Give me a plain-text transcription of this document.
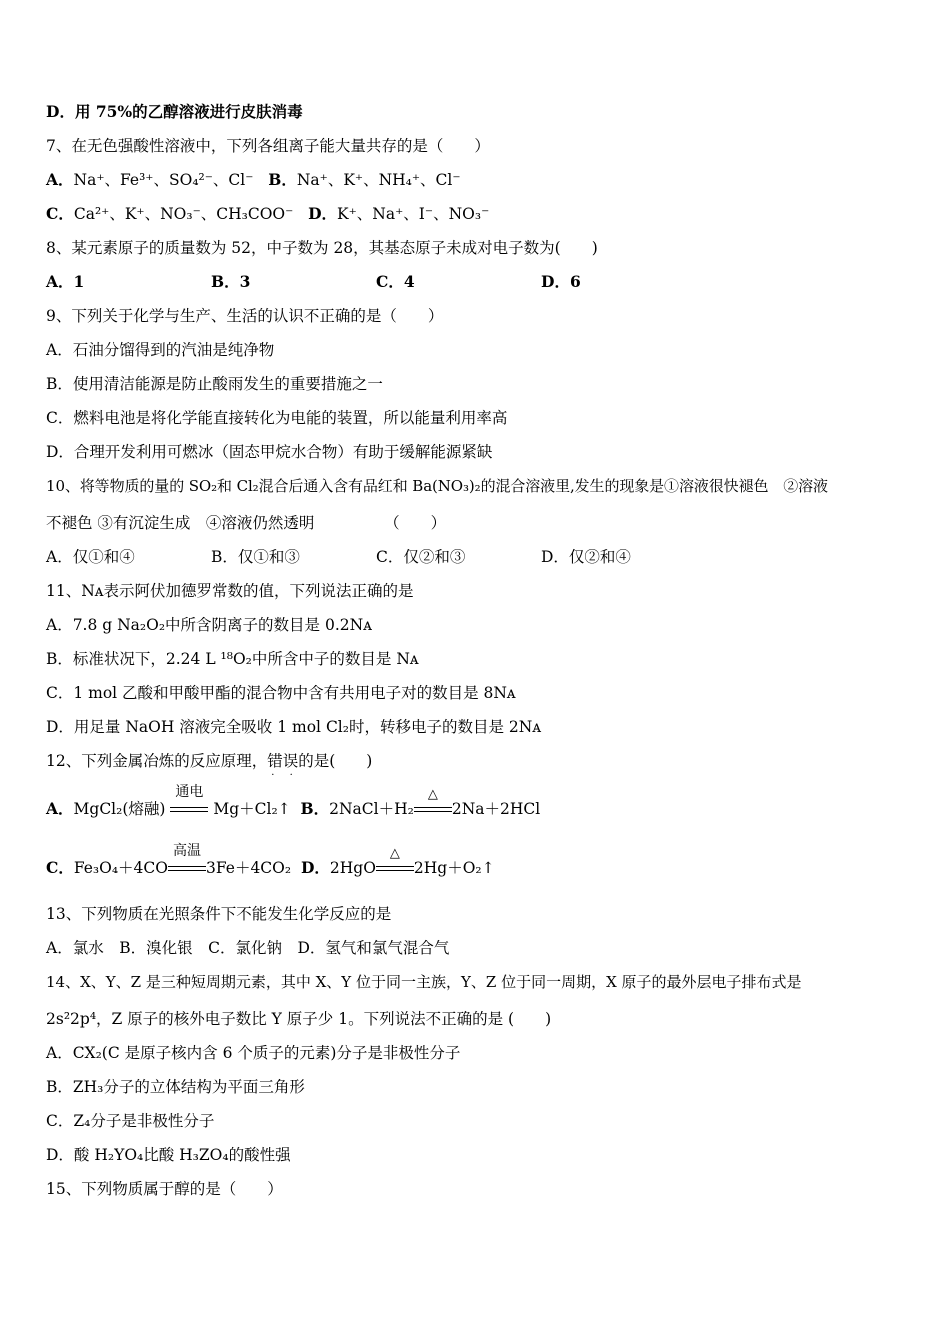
D．用 75%的乙醇溶液进行皮肤消毒
7、在无色强酸性溶液中，下列各组离子能大量共存的是（　　）
A．Na⁺、Fe³⁺、SO₄²⁻、Cl⁻ B．Na⁺、K⁺、NH₄⁺、Cl⁻
C．Ca²⁺、K⁺、NO₃⁻、CH₃COO⁻ D．K⁺、Na⁺、I⁻、NO₃⁻
8、某元素原子的质量数为 52，中子数为 28，其基态原子未成对电子数为(　　)
A．1	B．3	C．4	D．6
9、下列关于化学与生产、生活的认识不正确的是（　　）
A．石油分馏得到的汽油是纯净物
B．使用清洁能源是防止酸雨发生的重要措施之一
C．燃料电池是将化学能直接转化为电能的装置，所以能量利用率高
D．合理开发利用可燃冰（固态甲烷水合物）有助于缓解能源紧缺
10、将等物质的量的 SO₂和 Cl₂混合后通入含有品红和 Ba(NO₃)₂的混合溶液里,发生的现象是①溶液很快褪色　②溶液
不褪色 ③有沉淀生成　④溶液仍然透明　　　　　（　　）
A．仅①和④	B．仅①和③	C．仅②和③	D．仅②和④
11、Nᴀ表示阿伏加德罗常数的值，下列说法正确的是
A．7.8 g Na₂O₂中所含阴离子的数目是 0.2Nᴀ
B．标准状况下，2.24 L ¹⁸O₂中所含中子的数目是 Nᴀ
C．1 mol 乙酸和甲酸甲酯的混合物中含有共用电子对的数目是 8Nᴀ
D．用足量 NaOH 溶液完全吸收 1 mol Cl₂时，转移电子的数目是 2Nᴀ
12、下列金属冶炼的反应原理，错误 · ·的是(　　)
A．MgCl₂(熔融)
通电
Mg＋Cl₂↑ B．2NaCl＋H₂
△
2Na＋2HCl
C．Fe₃O₄＋4CO
高温
3Fe＋4CO₂ D．2HgO
△
2Hg＋O₂↑
13、下列物质在光照条件下不能发生化学反应的是
A．氯水　B．溴化银　C．氯化钠　D．氢气和氯气混合气
14、X、Y、Z 是三种短周期元素，其中 X、Y 位于同一主族，Y、Z 位于同一周期，X 原子的最外层电子排布式是
2s²2p⁴，Z 原子的核外电子数比 Y 原子少 1。下列说法不正确的是 (　　)
A．CX₂(C 是原子核内含 6 个质子的元素)分子是非极性分子
B．ZH₃分子的立体结构为平面三角形
C．Z₄分子是非极性分子
D．酸 H₂YO₄比酸 H₃ZO₄的酸性强
15、下列物质属于醇的是（　　）
